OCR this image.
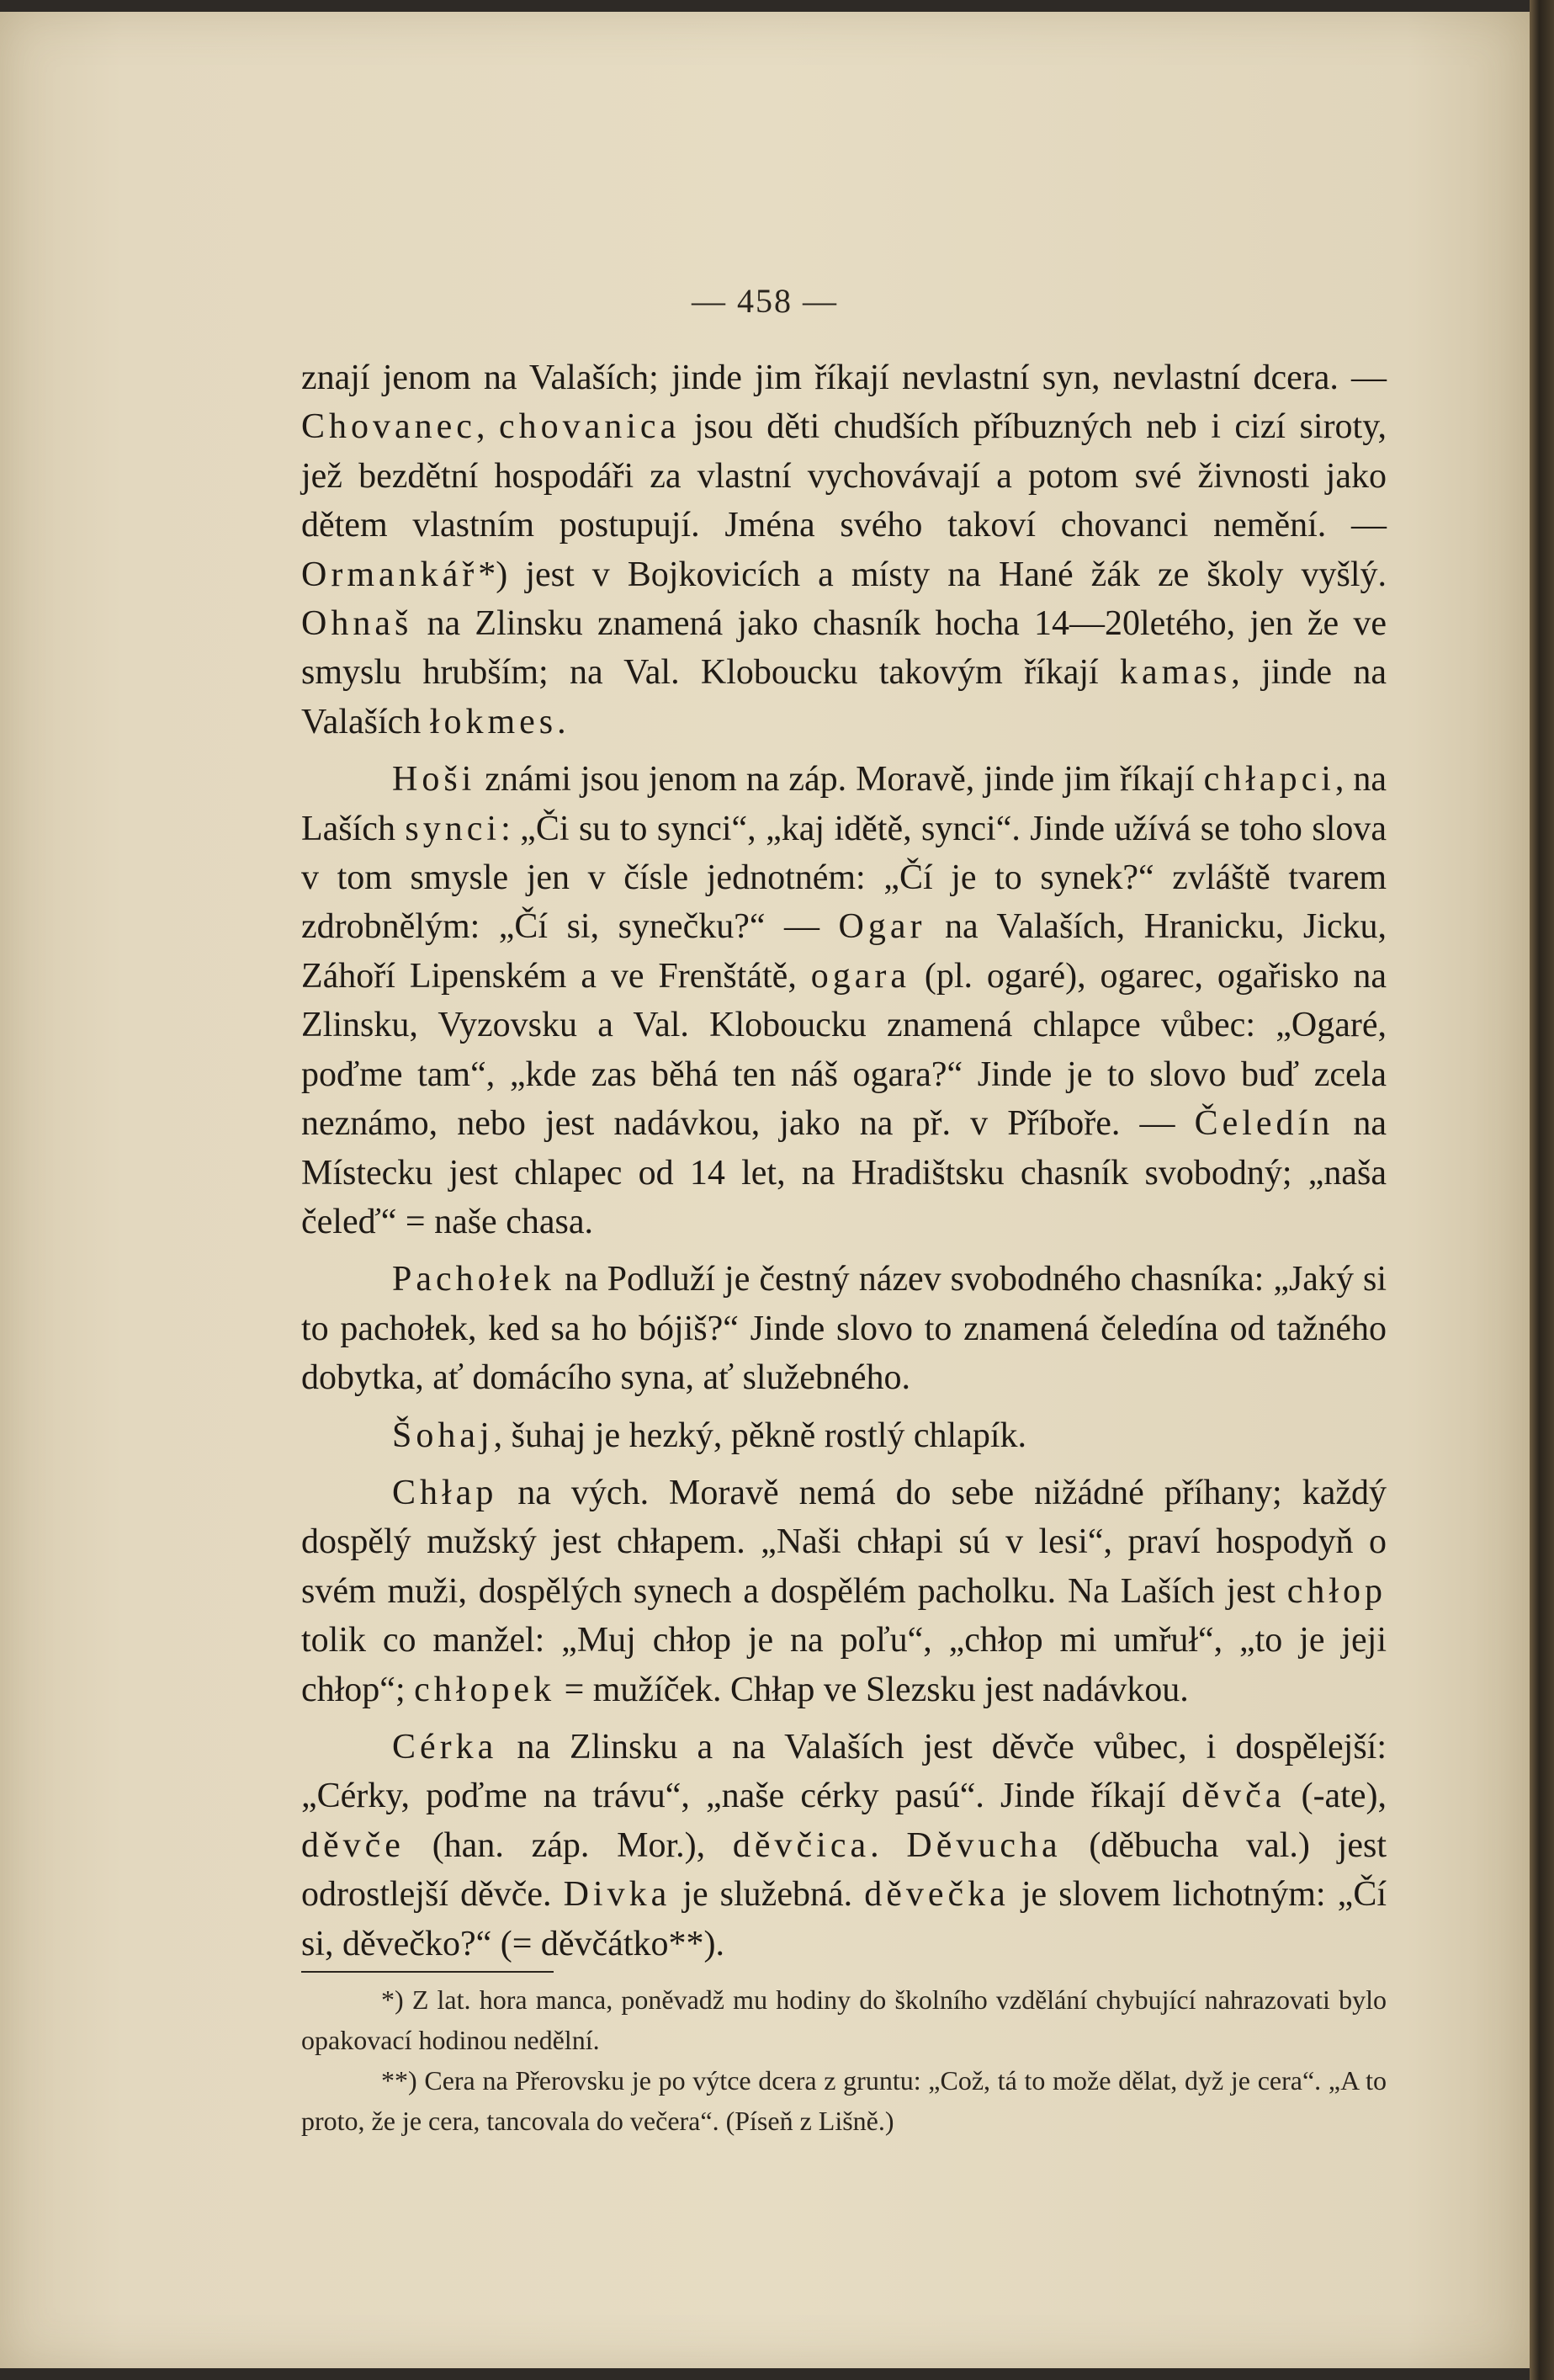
— 458 —

znají jenom na Valaších; jinde jim říkají nevlastní syn, nevlastní dcera. — Chovanec, chovanica jsou děti chudších příbuzných neb i cizí siroty, jež bezdětní hospodáři za vlastní vychovávají a potom své živnosti jako dětem vlastním postupují. Jména svého takoví chovanci nemění. — Ormankář*) jest v Bojkovicích a místy na Hané žák ze školy vyšlý. Ohnaš na Zlinsku znamená jako chasník hocha 14—20letého, jen že ve smyslu hrubším; na Val. Kloboucku takovým říkají kamas, jinde na Valaších łokmes.

Hoši známi jsou jenom na záp. Moravě, jinde jim říkají chłapci, na Laších synci: „Či su to synci“, „kaj idětě, synci“. Jinde užívá se toho slova v tom smysle jen v čísle jednotném: „Čí je to synek?“ zvláště tvarem zdrobnělým: „Čí si, synečku?“ — Ogar na Valaších, Hranicku, Jicku, Záhoří Lipenském a ve Frenštátě, ogara (pl. ogaré), ogarec, ogařisko na Zlinsku, Vyzovsku a Val. Kloboucku znamená chlapce vůbec: „Ogaré, poďme tam“, „kde zas běhá ten náš ogara?“ Jinde je to slovo buď zcela neznámo, nebo jest nadávkou, jako na př. v Příboře. — Čeledín na Místecku jest chlapec od 14 let, na Hradištsku chasník svobodný; „naša čeleď“ = naše chasa.

Pachołek na Podluží je čestný název svobodného chasníka: „Jaký si to pachołek, ked sa ho bójiš?“ Jinde slovo to znamená čeledína od tažného dobytka, ať domácího syna, ať služebného.

Šohaj, šuhaj je hezký, pěkně rostlý chlapík.

Chłap na vých. Moravě nemá do sebe nižádné příhany; každý dospělý mužský jest chłapem. „Naši chłapi sú v lesi“, praví hospodyň o svém muži, dospělých synech a dospělém pacholku. Na Laších jest chłop tolik co manžel: „Muj chłop je na poľu“, „chłop mi umřuł“, „to je jeji chłop“; chłopek = mužíček. Chłap ve Slezsku jest nadávkou.

Cérka na Zlinsku a na Valaších jest děvče vůbec, i dospělejší: „Cérky, poďme na trávu“, „naše cérky pasú“. Jinde říkají děvča (-ate), děvče (han. záp. Mor.), děvčica. Děvucha (děbucha val.) jest odrostlejší děvče. Divka je služebná. děvečka je slovem lichotným: „Čí si, děvečko?“ (= děvčátko**).

*) Z lat. hora manca, poněvadž mu hodiny do školního vzdělání chybující nahrazovati bylo opakovací hodinou nedělní.

**) Cera na Přerovsku je po výtce dcera z gruntu: „Což, tá to može dělat, dyž je cera“. „A to proto, že je cera, tancovala do večera“. (Píseň z Lišně.)
